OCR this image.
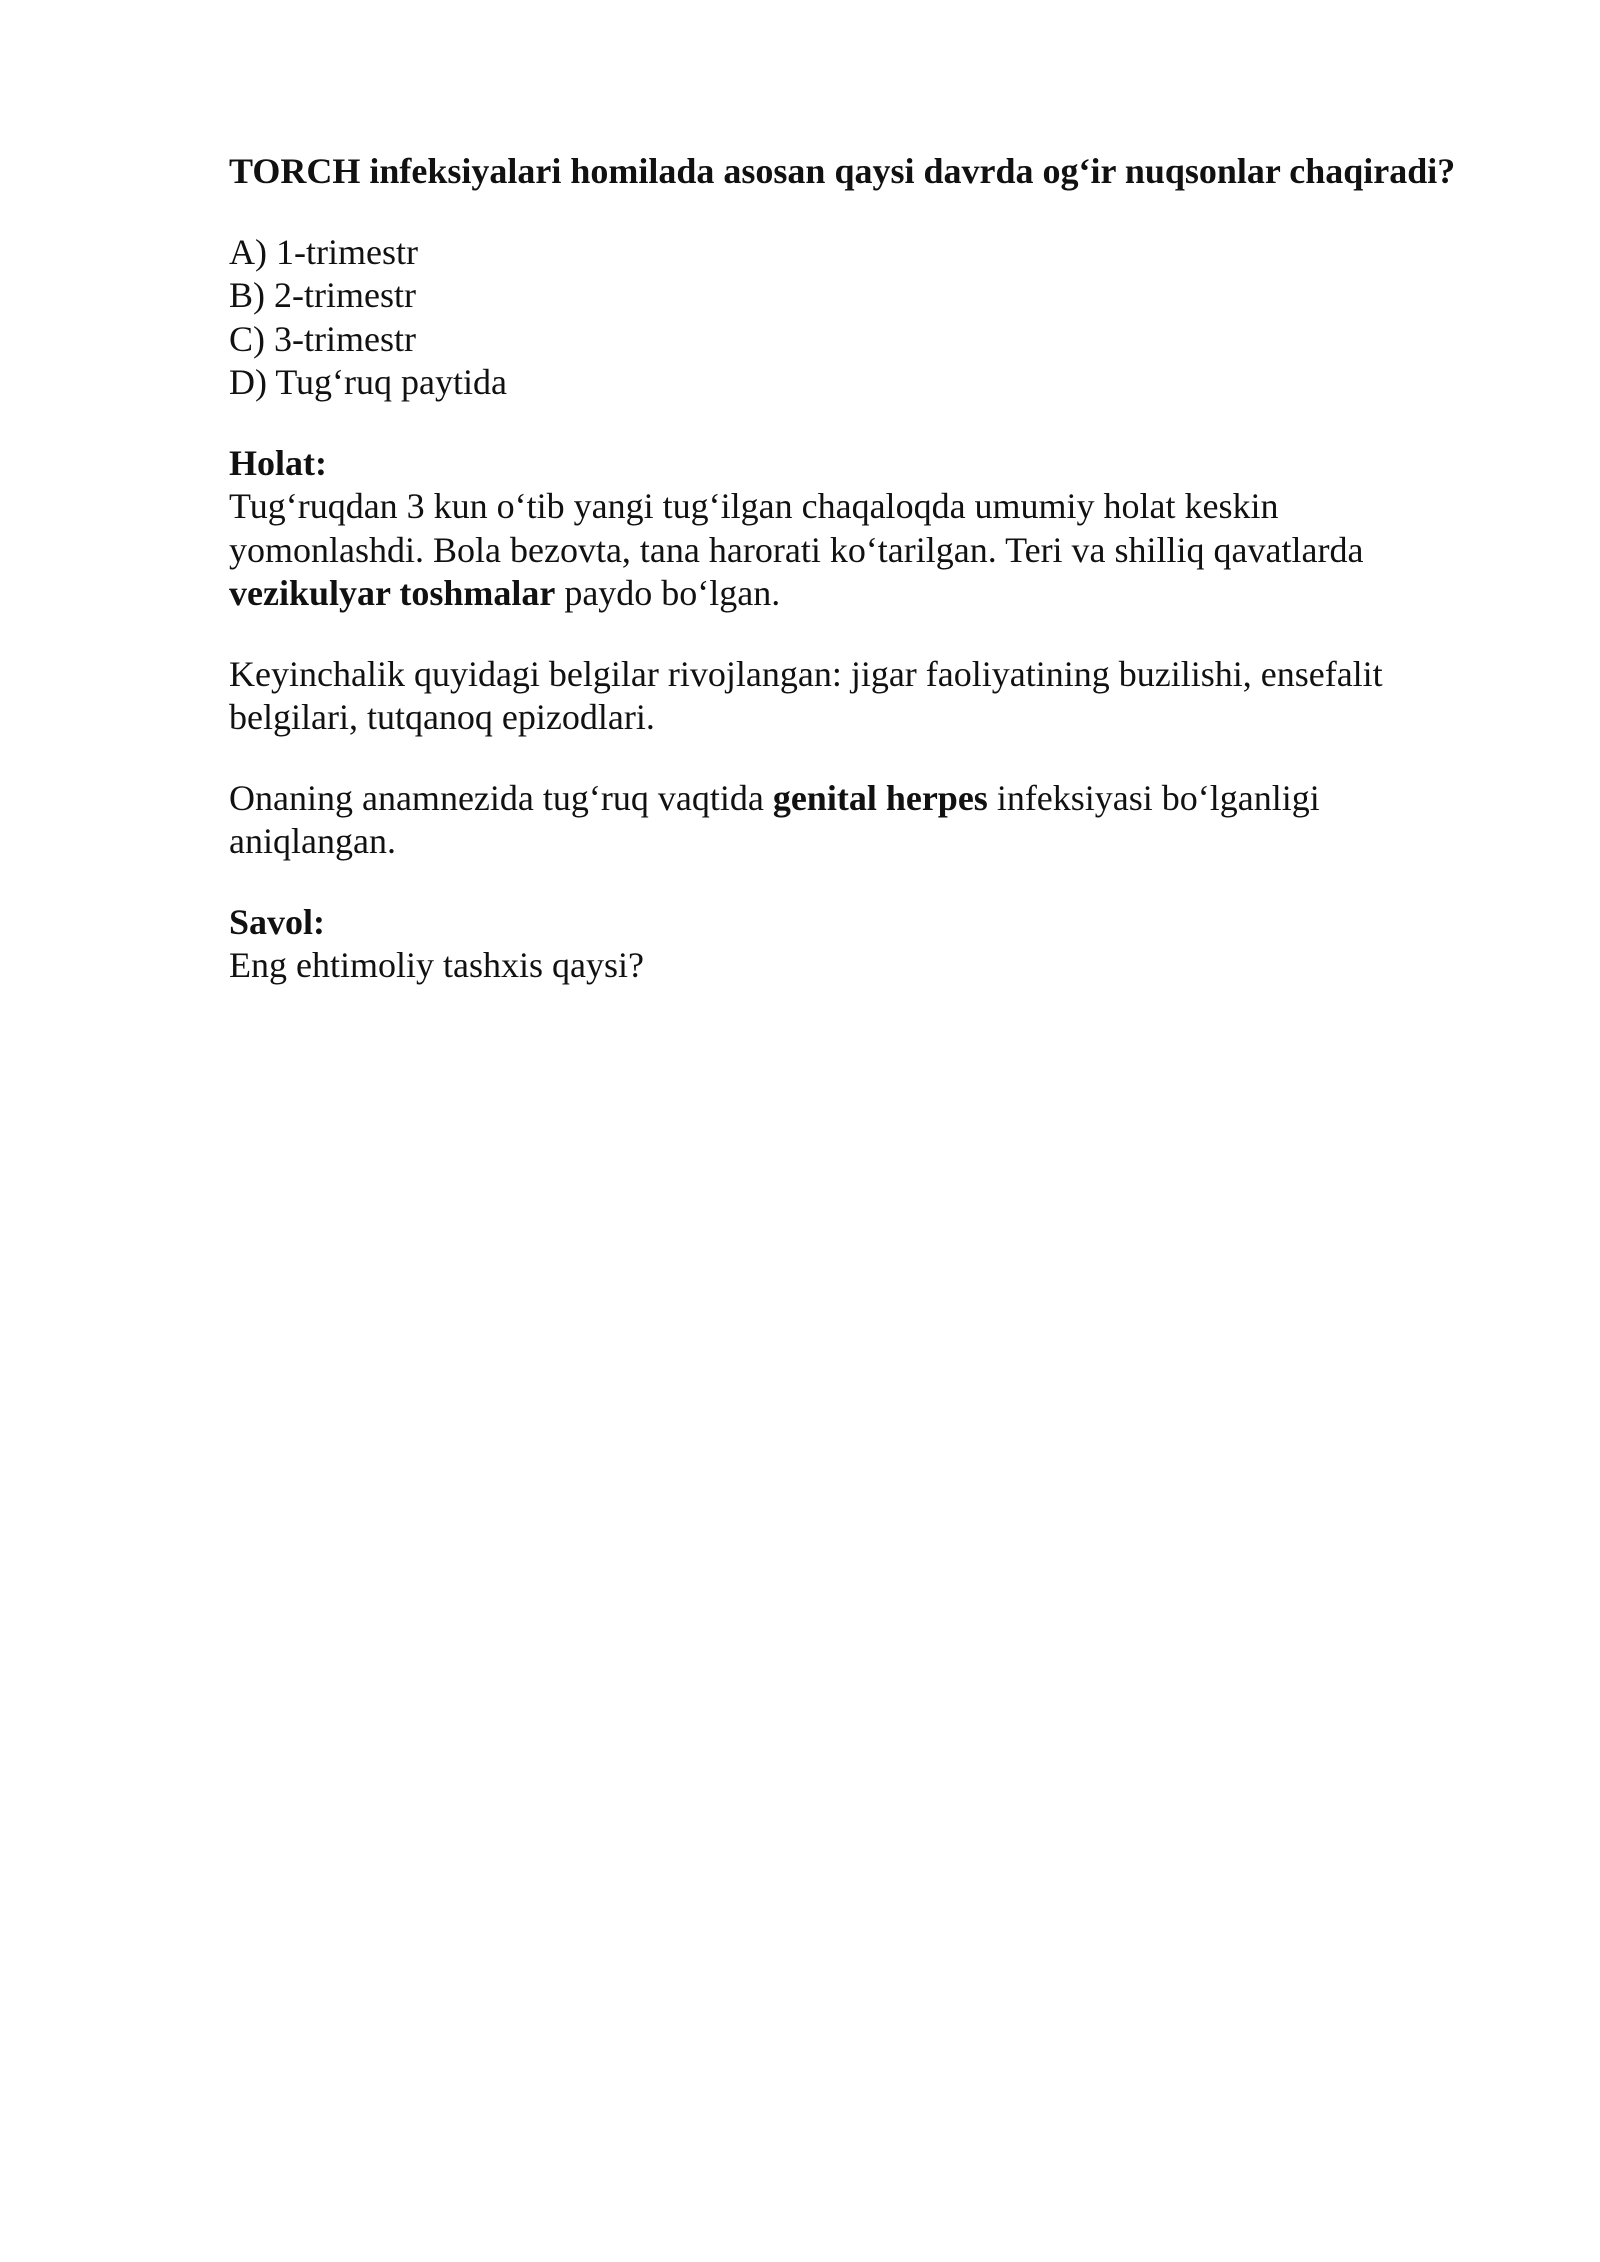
TORCH infeksiyalari homilada asosan qaysi davrda og‘ir nuqsonlar chaqiradi?

A) 1-trimestr
B) 2-trimestr
C) 3-trimestr
D) Tug‘ruq paytida

Holat:
Tug‘ruqdan 3 kun o‘tib yangi tug‘ilgan chaqaloqda umumiy holat keskin yomonlashdi. Bola bezovta, tana harorati ko‘tarilgan. Teri va shilliq qavatlarda vezikulyar toshmalar paydo bo‘lgan.

Keyinchalik quyidagi belgilar rivojlangan: jigar faoliyatining buzilishi, ensefalit belgilari, tutqanoq epizodlari.

Onaning anamnezida tug‘ruq vaqtida genital herpes infeksiyasi bo‘lganligi aniqlangan.

Savol:
Eng ehtimoliy tashxis qaysi?
